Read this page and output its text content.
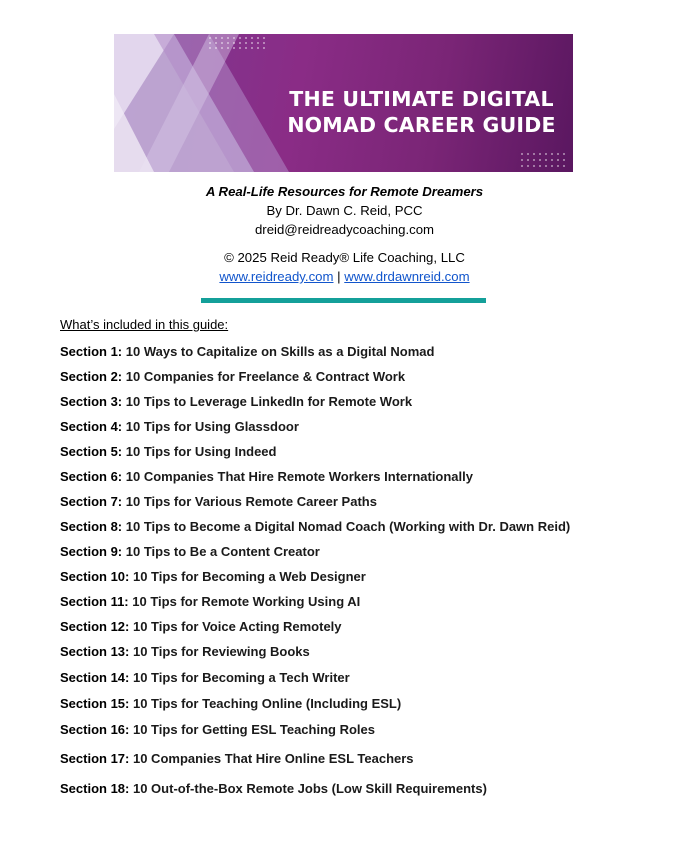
THE ULTIMATE DIGITAL
NOMAD CAREER GUIDE
A Real-Life Resources for Remote Dreamers
By Dr. Dawn C. Reid, PCC
dreid@reidreadycoaching.com
© 2025 Reid Ready® Life Coaching, LLC
www.reidready.com | www.drdawnreid.com
What’s included in this guide:
Section 1: 10 Ways to Capitalize on Skills as a Digital Nomad
Section 2: 10 Companies for Freelance & Contract Work
Section 3: 10 Tips to Leverage LinkedIn for Remote Work
Section 4: 10 Tips for Using Glassdoor
Section 5: 10 Tips for Using Indeed
Section 6: 10 Companies That Hire Remote Workers Internationally
Section 7: 10 Tips for Various Remote Career Paths
Section 8: 10 Tips to Become a Digital Nomad Coach (Working with Dr. Dawn Reid)
Section 9: 10 Tips to Be a Content Creator
Section 10: 10 Tips for Becoming a Web Designer
Section 11: 10 Tips for Remote Working Using AI
Section 12: 10 Tips for Voice Acting Remotely
Section 13: 10 Tips for Reviewing Books
Section 14: 10 Tips for Becoming a Tech Writer
Section 15: 10 Tips for Teaching Online (Including ESL)
Section 16: 10 Tips for Getting ESL Teaching Roles
Section 17: 10 Companies That Hire Online ESL Teachers
Section 18: 10 Out-of-the-Box Remote Jobs (Low Skill Requirements)
